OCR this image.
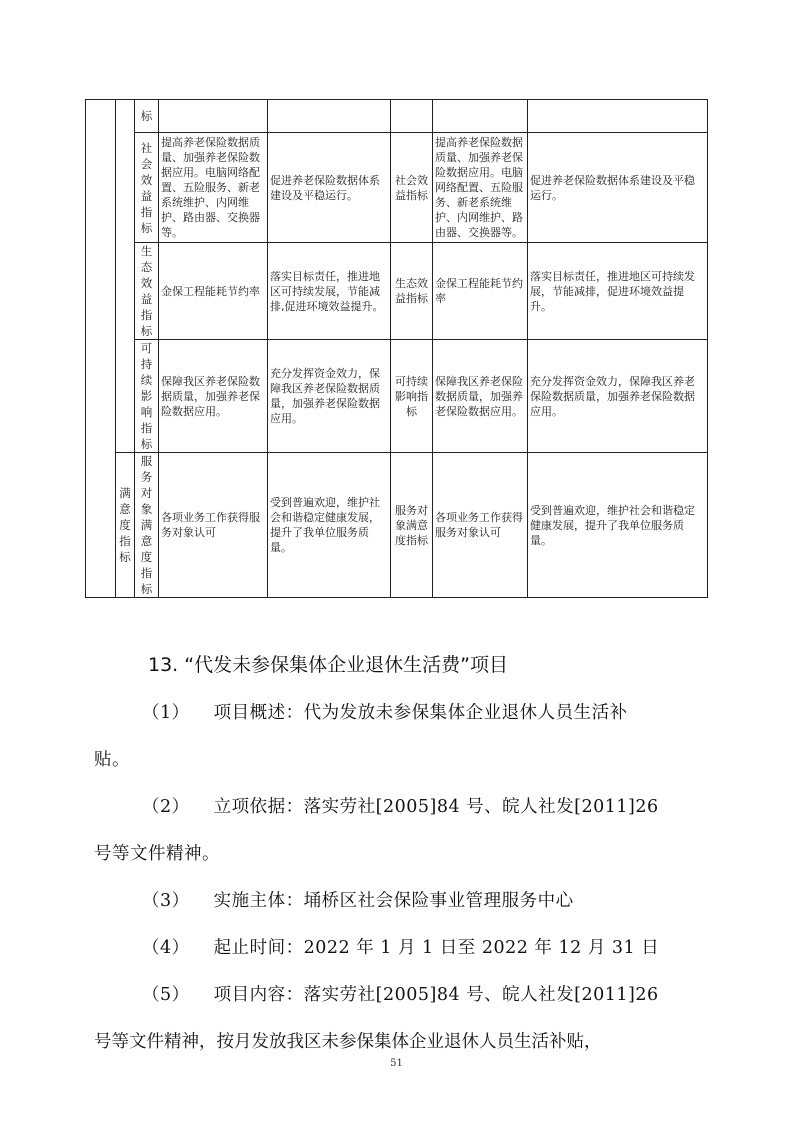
		标					
		社会效益指标	提高养老保险数据质量、加强养老保险数据应用。电脑网络配置、五险服务、新老系统维护、内网维护、路由器、交换器等。	促进养老保险数据体系建设及平稳运行。	社会效益指标	提高养老保险数据质量、加强养老保险数据应用。电脑网络配置、五险服务、新老系统维护、内网维护、路由器、交换器等。	促进养老保险数据体系建设及平稳运行。
		生态效益指标	金保工程能耗节约率	落实目标责任，推进地区可持续发展，节能减排,促进环境效益提升。	生态效益指标	金保工程能耗节约率	落实目标责任，推进地区可持续发展，节能减排，促进环境效益提升。
		可持续影响指标	保障我区养老保险数据质量，加强养老保险数据应用。	充分发挥资金效力，保障我区养老保险数据质量，加强养老保险数据应用。	可持续影响指标	保障我区养老保险数据质量，加强养老保险数据应用。	充分发挥资金效力，保障我区养老保险数据质量，加强养老保险数据应用。
	满意度指标	服务对象满意度指标	各项业务工作获得服务对象认可	受到普遍欢迎，维护社会和谐稳定健康发展，提升了我单位服务质量。	服务对象满意度指标	各项业务工作获得服务对象认可	受到普遍欢迎，维护社会和谐稳定健康发展，提升了我单位服务质量。
13. “代发未参保集体企业退休生活费”项目
（1） 项目概述：代为发放未参保集体企业退休人员生活补
贴。
（2） 立项依据：落实劳社[2005]84 号、皖人社发[2011]26
号等文件精神。
（3） 实施主体：埇桥区社会保险事业管理服务中心
（4） 起止时间：2022 年 1 月 1 日至 2022 年 12 月 31 日
（5） 项目内容：落实劳社[2005]84 号、皖人社发[2011]26
号等文件精神，按月发放我区未参保集体企业退休人员生活补贴，
51
